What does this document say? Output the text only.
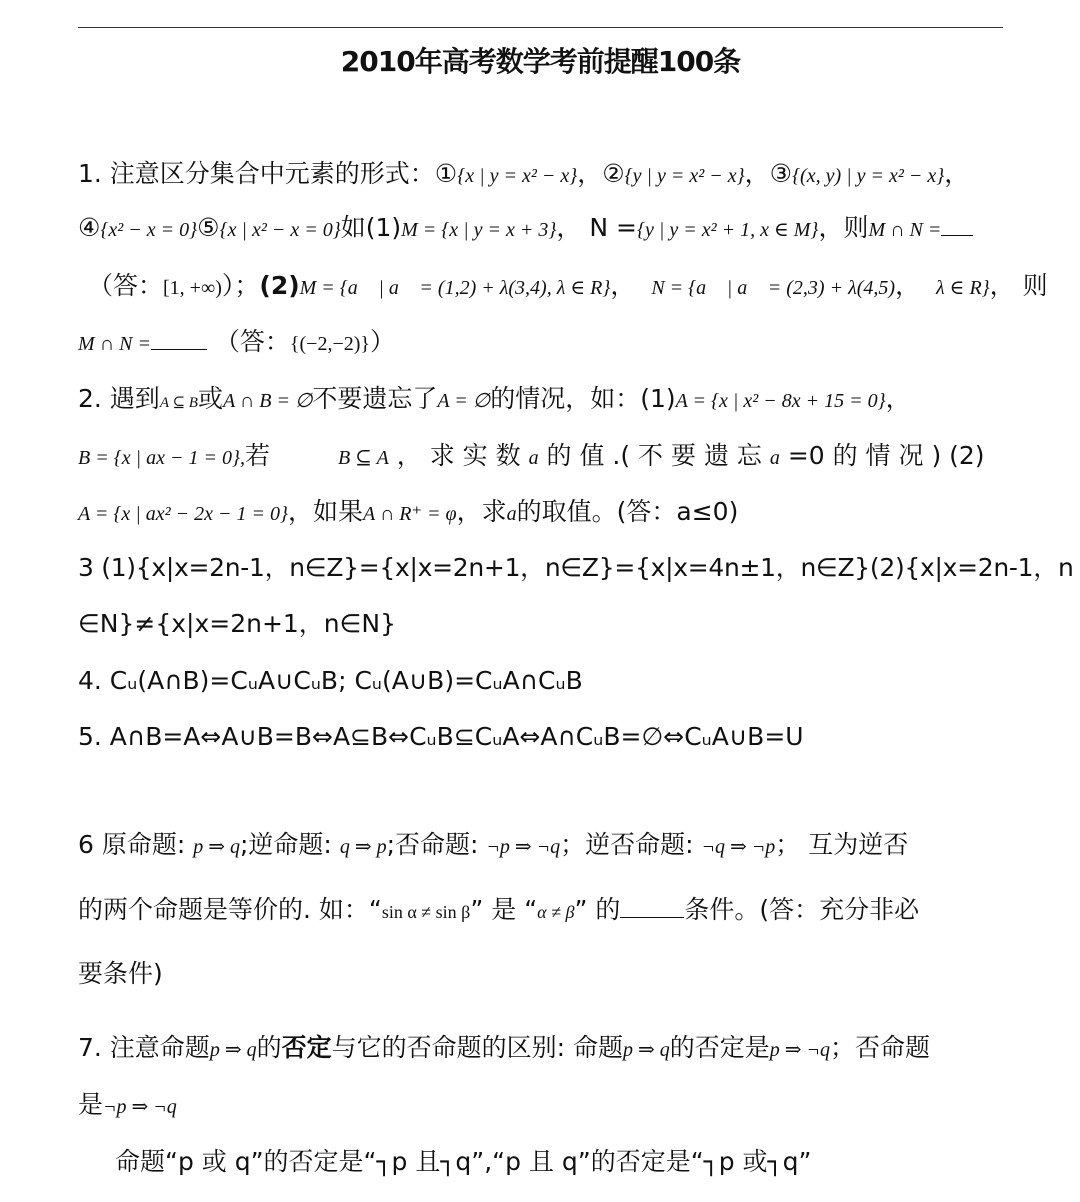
2010年高考数学考前提醒100条
1. 注意区分集合中元素的形式：①{x | y = x² − x}，②{y | y = x² − x}，③{(x, y) | y = x² − x}，
④{x² − x = 0}⑤{x | x² − x = 0}如(1)M = {x | y = x + 3}， N ={y | y = x² + 1, x ∈ M}，则M ∩ N =
（答：[1, +∞)）；(2)M = {a⃗ | a⃗ = (1,2) + λ(3,4), λ ∈ R}， N = {a⃗ | a⃗ = (2,3) + λ(4,5)， λ ∈ R}， 则
M ∩ N =	（答：{(−2,−2)}）
2. 遇到A ⊆ B或A ∩ B = ∅不要遗忘了A = ∅的情况，如：(1)A = {x | x² − 8x + 15 = 0}，
B = {x | ax − 1 = 0},若	B ⊆ A ， 求 实 数 a 的 值 .( 不 要 遗 忘 a =0 的 情 况 ) (2)
A = {x | ax² − 2x − 1 = 0}，如果A ∩ R⁺ = φ，求a的取值。(答：a≤0)
3 (1){x|x=2n-1，n∈Z}={x|x=2n+1，n∈Z}={x|x=4n±1，n∈Z}(2){x|x=2n-1，n
∈N}≠{x|x=2n+1，n∈N}
4. Cᵤ(A∩B)=CᵤA∪CᵤB; Cᵤ(A∪B)=CᵤA∩CᵤB
5. A∩B=A⇔A∪B=B⇔A⊆B⇔CᵤB⊆CᵤA⇔A∩CᵤB=∅⇔CᵤA∪B=U
6 原命题: p ⇒ q;逆命题: q ⇒ p;否命题: ¬p ⇒ ¬q；逆否命题: ¬q ⇒ ¬p； 互为逆否
的两个命题是等价的. 如：“sin α ≠ sin β” 是 “α ≠ β” 的	条件。(答：充分非必
要条件)
7. 注意命题p ⇒ q的否定与它的否命题的区别: 命题p ⇒ q的否定是p ⇒ ¬q；否命题
是¬p ⇒ ¬q
命题“p 或 q”的否定是“┐p 且┐q”,“p 且 q”的否定是“┐p 或┐q”
